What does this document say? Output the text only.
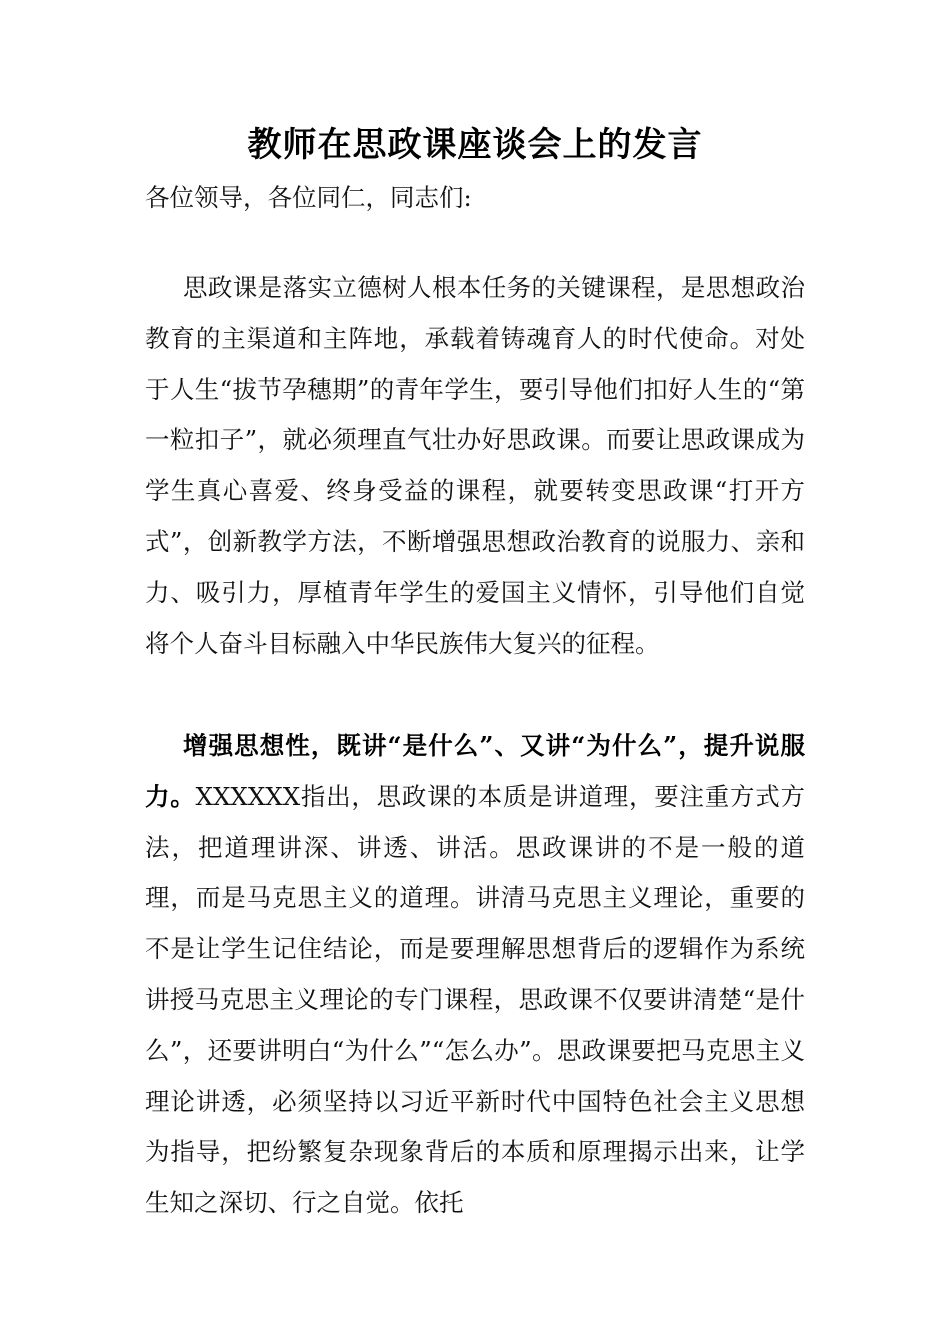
教师在思政课座谈会上的发言
各位领导，各位同仁，同志们:

思政课是落实立德树人根本任务的关键课程，是思想政治教育的主渠道和主阵地，承载着铸魂育人的时代使命。对处于人生“拔节孕穗期”的青年学生，要引导他们扣好人生的“第一粒扣子”，就必须理直气壮办好思政课。而要让思政课成为学生真心喜爱、终身受益的课程，就要转变思政课“打开方式”，创新教学方法，不断增强思想政治教育的说服力、亲和力、吸引力，厚植青年学生的爱国主义情怀，引导他们自觉将个人奋斗目标融入中华民族伟大复兴的征程。

增强思想性，既讲“是什么”、又讲“为什么”，提升说服力。XXXXXX指出，思政课的本质是讲道理，要注重方式方法，把道理讲深、讲透、讲活。思政课讲的不是一般的道理，而是马克思主义的道理。讲清马克思主义理论，重要的不是让学生记住结论，而是要理解思想背后的逻辑作为系统讲授马克思主义理论的专门课程，思政课不仅要讲清楚“是什么”，还要讲明白“为什么”“怎么办”。思政课要把马克思主义理论讲透，必须坚持以习近平新时代中国特色社会主义思想为指导，把纷繁复杂现象背后的本质和原理揭示出来，让学生知之深切、行之自觉。依托
